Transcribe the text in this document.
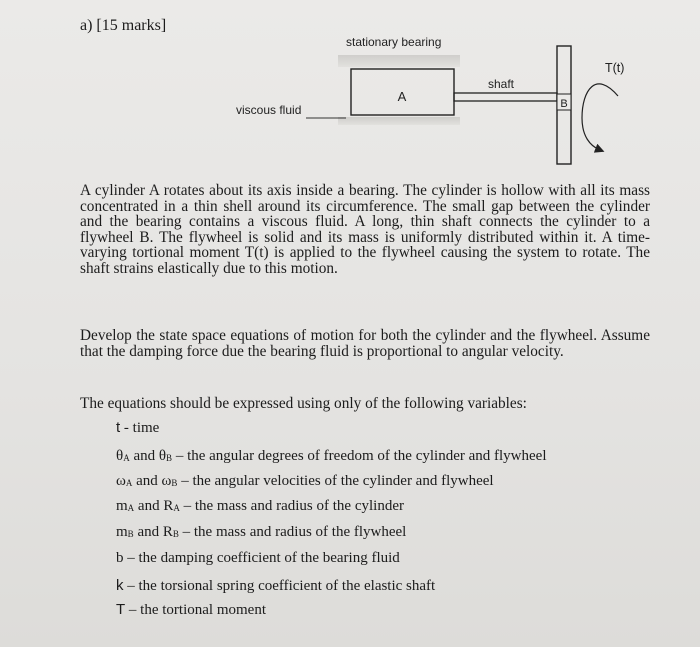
a) [15 marks]
A	B
stationary bearing
shaft
viscous fluid
T(t)
A cylinder A rotates about its axis inside a bearing. The cylinder is hollow with all its mass concentrated in a thin shell around its circumference. The small gap between the cylinder and the bearing contains a viscous fluid. A long, thin shaft connects the cylinder to a flywheel B. The flywheel is solid and its mass is uniformly distributed within it. A time-varying tortional moment T(t) is applied to the flywheel causing the system to rotate. The shaft strains elastically due to this motion.
Develop the state space equations of motion for both the cylinder and the flywheel. Assume that the damping force due the bearing fluid is proportional to angular velocity.
The equations should be expressed using only of the following variables:
t - time
$\theta_A$ and $\theta_B$ – the angular degrees of freedom of the cylinder and flywheel
$\omega_A$ and $\omega_B$ – the angular velocities of the cylinder and flywheel
$m_A$ and $R_A$ – the mass and radius of the cylinder
$m_B$ and $R_B$ – the mass and radius of the flywheel
b – the damping coefficient of the bearing fluid
k – the torsional spring coefficient of the elastic shaft
T – the tortional moment
